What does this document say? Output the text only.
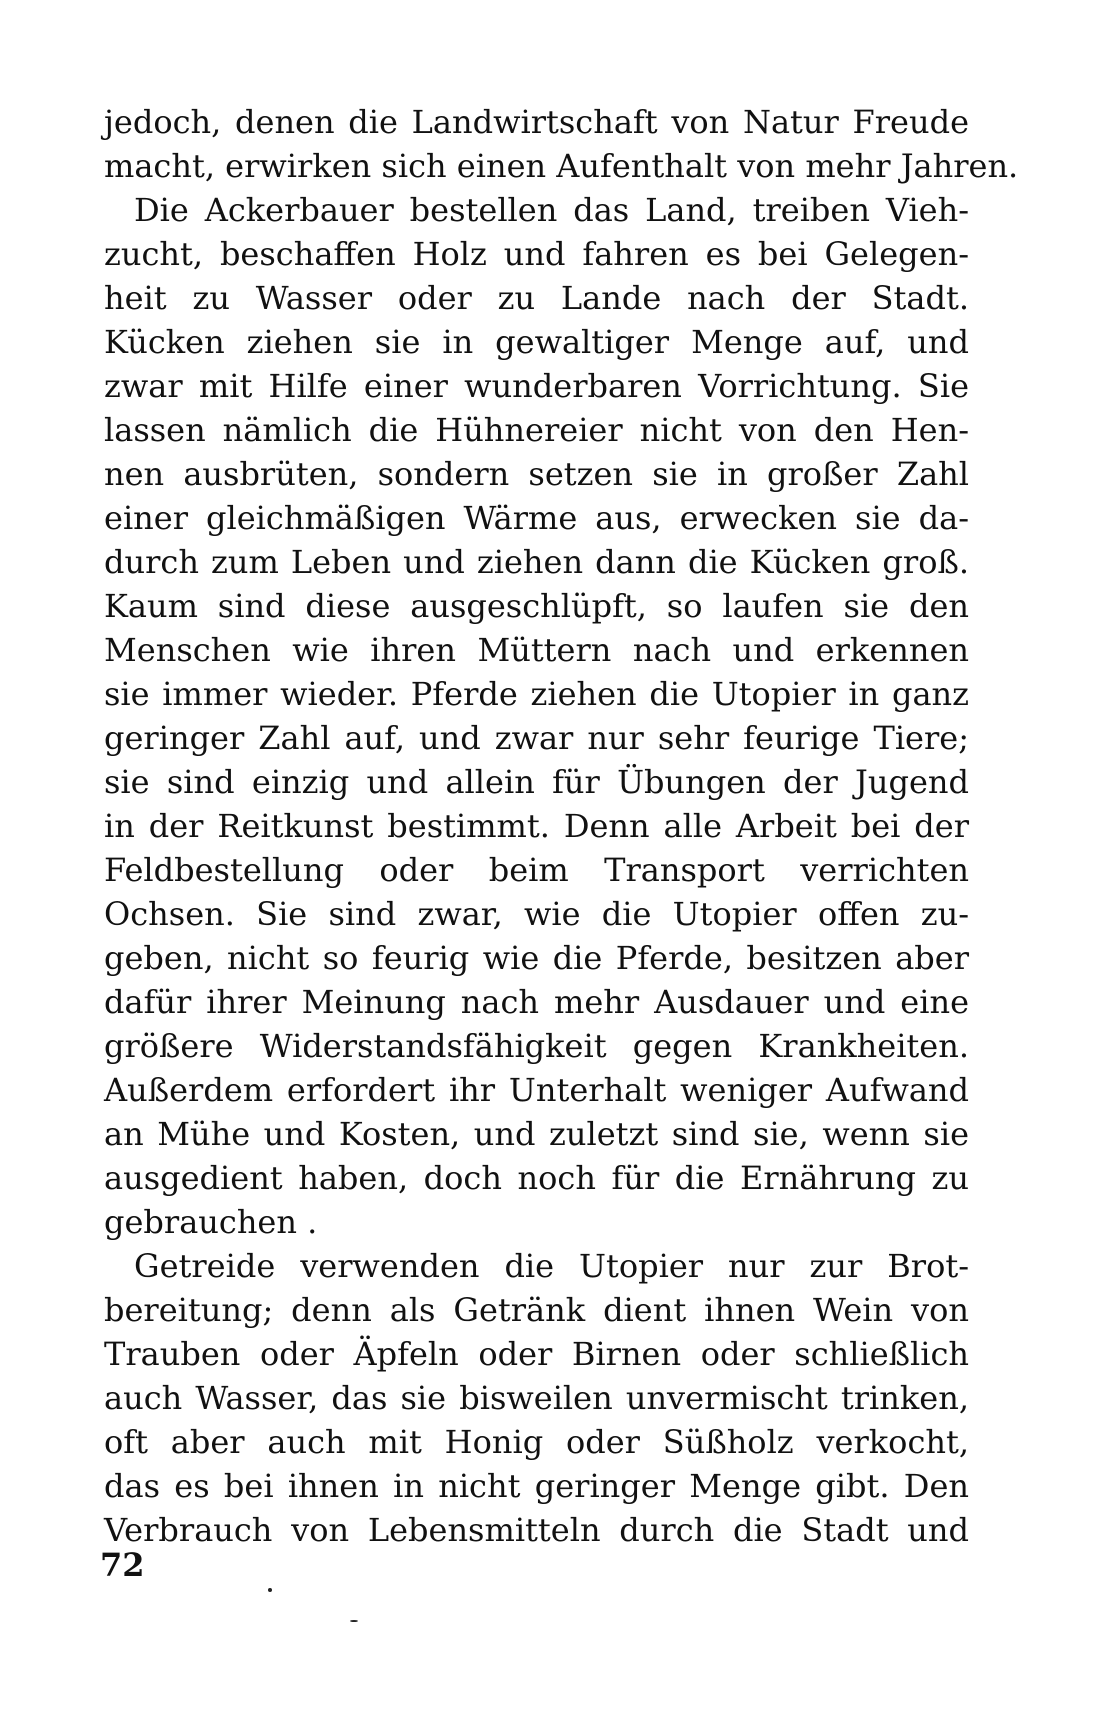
jedoch, denen die Landwirtschaft von Natur Freude
macht, erwirken sich einen Aufenthalt von mehr Jahren.
Die Ackerbauer bestellen das Land, treiben Vieh-
zucht, beschaffen Holz und fahren es bei Gelegen-
heit zu Wasser oder zu Lande nach der Stadt.
Kücken ziehen sie in gewaltiger Menge auf, und
zwar mit Hilfe einer wunderbaren Vorrichtung. Sie
lassen nämlich die Hühnereier nicht von den Hen-
nen ausbrüten, sondern setzen sie in großer Zahl
einer gleichmäßigen Wärme aus, erwecken sie da-
durch zum Leben und ziehen dann die Kücken groß.
Kaum sind diese ausgeschlüpft, so laufen sie den
Menschen wie ihren Müttern nach und erkennen
sie immer wieder. Pferde ziehen die Utopier in ganz
geringer Zahl auf, und zwar nur sehr feurige Tiere;
sie sind einzig und allein für Übungen der Jugend
in der Reitkunst bestimmt. Denn alle Arbeit bei der
Feldbestellung oder beim Transport verrichten
Ochsen. Sie sind zwar, wie die Utopier offen zu-
geben, nicht so feurig wie die Pferde, besitzen aber
dafür ihrer Meinung nach mehr Ausdauer und eine
größere Widerstandsfähigkeit gegen Krankheiten.
Außerdem erfordert ihr Unterhalt weniger Aufwand
an Mühe und Kosten, und zuletzt sind sie, wenn sie
ausgedient haben, doch noch für die Ernährung zu
gebrauchen .
Getreide verwenden die Utopier nur zur Brot-
bereitung; denn als Getränk dient ihnen Wein von
Trauben oder Äpfeln oder Birnen oder schließlich
auch Wasser, das sie bisweilen unvermischt trinken,
oft aber auch mit Honig oder Süßholz verkocht,
das es bei ihnen in nicht geringer Menge gibt. Den
Verbrauch von Lebensmitteln durch die Stadt und
72
